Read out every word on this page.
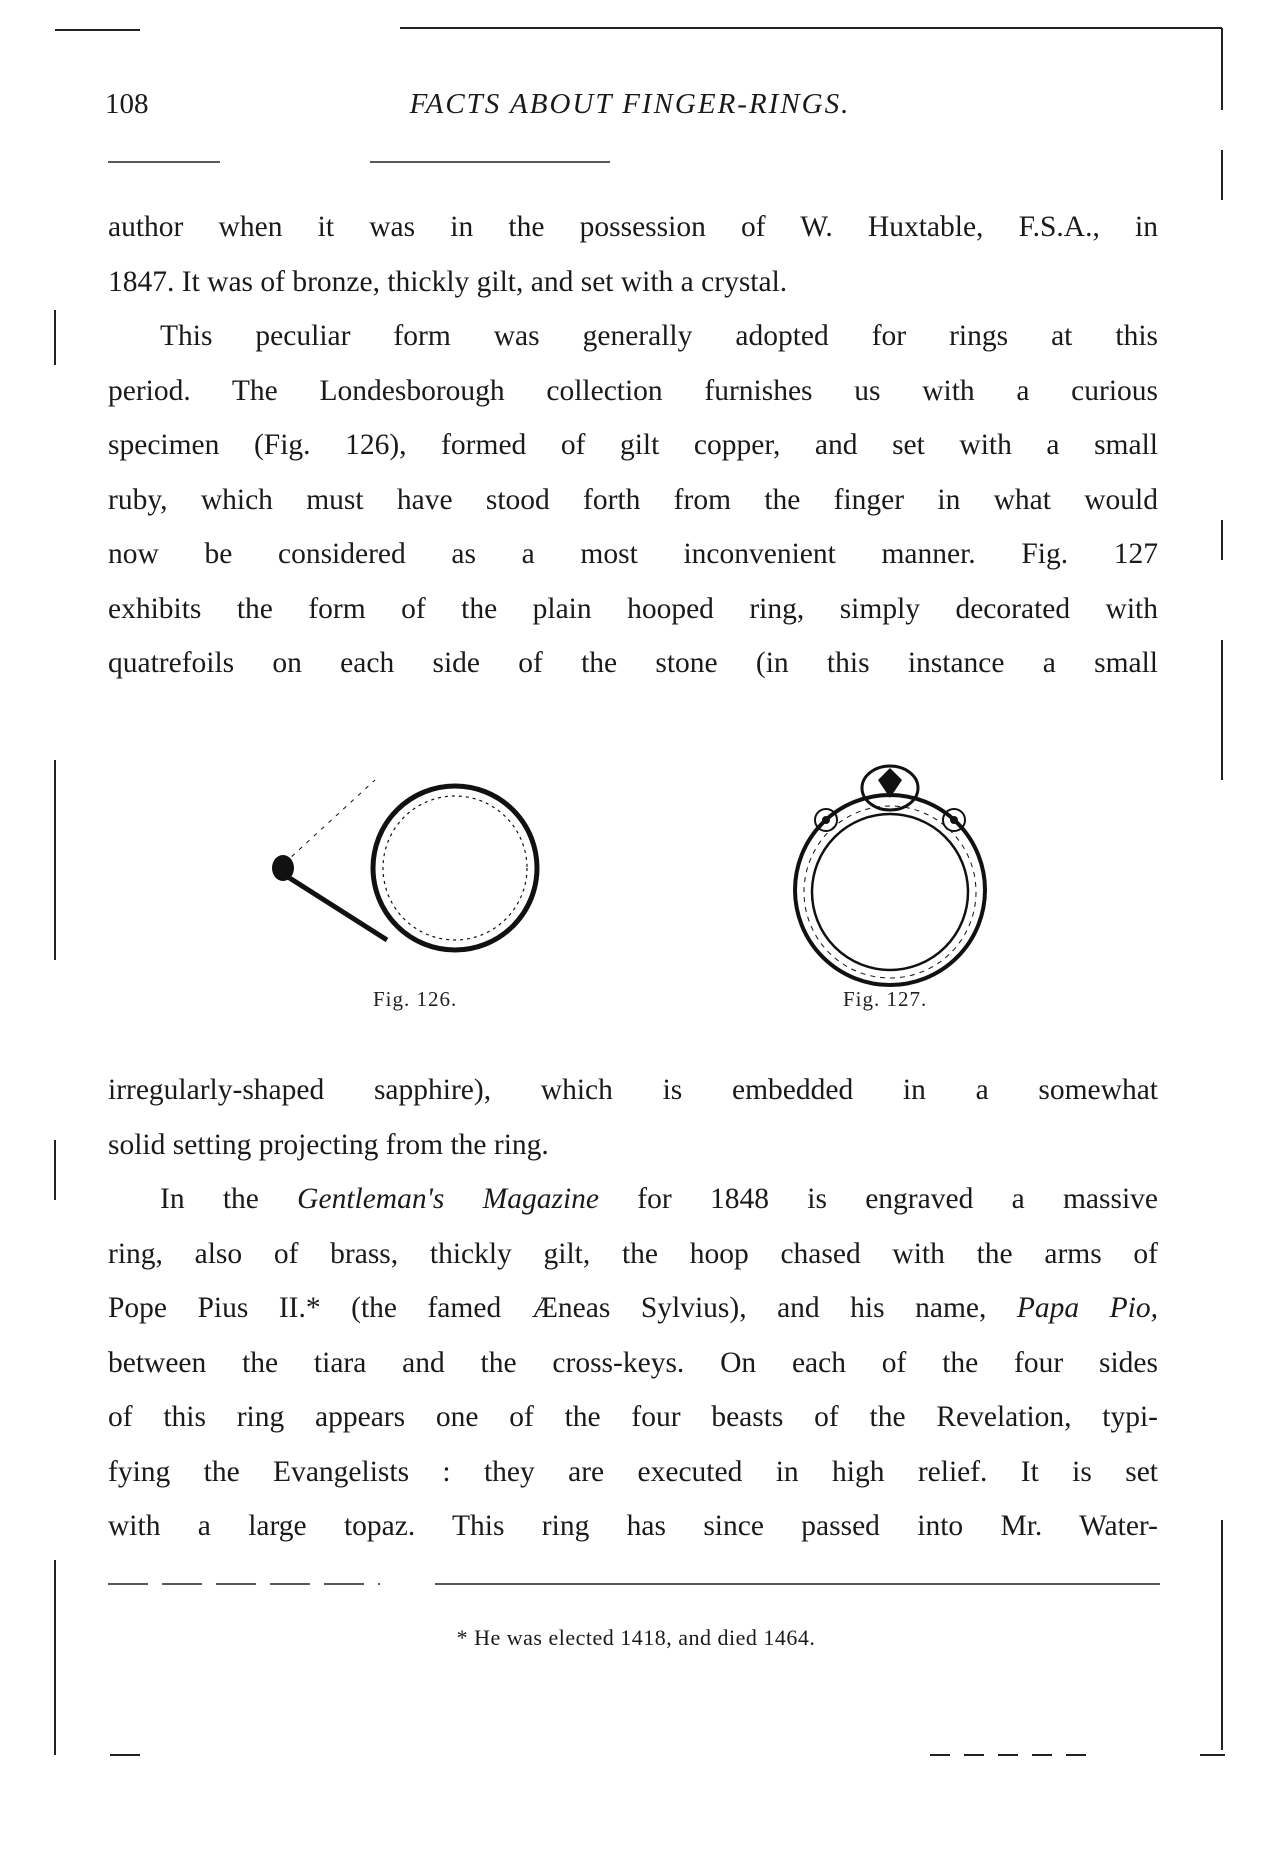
108	FACTS ABOUT FINGER-RINGS.
author when it was in the possession of W. Huxtable, F.S.A., in
1847. It was of bronze, thickly gilt, and set with a crystal.
This peculiar form was generally adopted for rings at this
period. The Londesborough collection furnishes us with a curious
specimen (Fig. 126), formed of gilt copper, and set with a small
ruby, which must have stood forth from the finger in what would
now be considered as a most inconvenient manner. Fig. 127
exhibits the form of the plain hooped ring, simply decorated with
quatrefoils on each side of the stone (in this instance a small
Fig. 126.	Fig. 127.
irregularly-shaped sapphire), which is embedded in a somewhat
solid setting projecting from the ring.
In the Gentleman's Magazine for 1848 is engraved a massive
ring, also of brass, thickly gilt, the hoop chased with the arms of
Pope Pius II.* (the famed Æneas Sylvius), and his name, Papa Pio,
between the tiara and the cross-keys. On each of the four sides
of this ring appears one of the four beasts of the Revelation, typi-
fying the Evangelists : they are executed in high relief. It is set
with a large topaz. This ring has since passed into Mr. Water-
* He was elected 1418, and died 1464.
